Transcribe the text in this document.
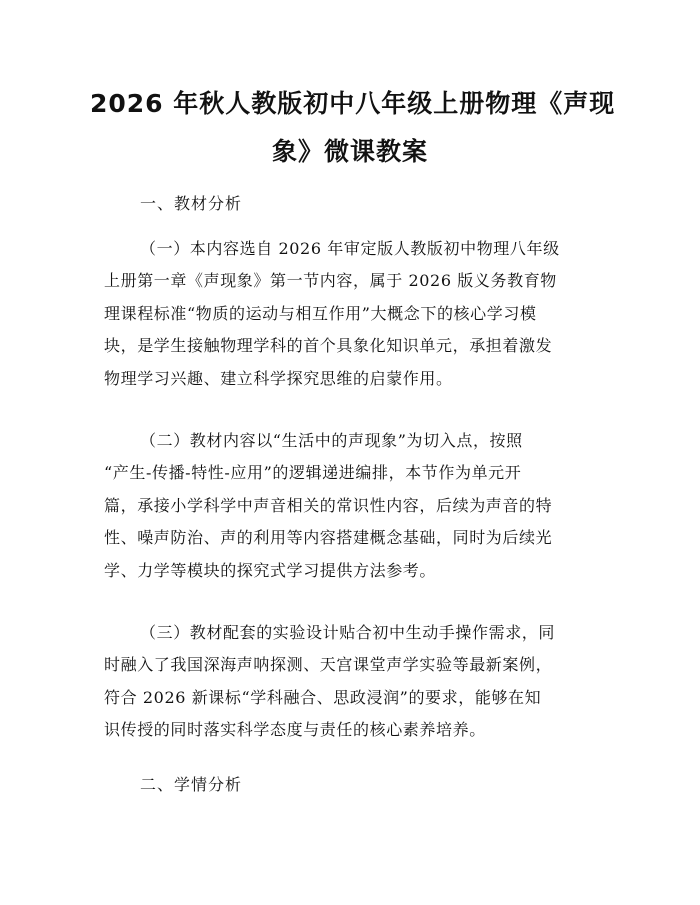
2026 年秋人教版初中八年级上册物理《声现
象》微课教案
一、教材分析
（一）本内容选自 2026 年审定版人教版初中物理八年级
上册第一章《声现象》第一节内容，属于 2026 版义务教育物
理课程标准“物质的运动与相互作用”大概念下的核心学习模
块，是学生接触物理学科的首个具象化知识单元，承担着激发
物理学习兴趣、建立科学探究思维的启蒙作用。
（二）教材内容以“生活中的声现象”为切入点，按照
“产生-传播-特性-应用”的逻辑递进编排，本节作为单元开
篇，承接小学科学中声音相关的常识性内容，后续为声音的特
性、噪声防治、声的利用等内容搭建概念基础，同时为后续光
学、力学等模块的探究式学习提供方法参考。
（三）教材配套的实验设计贴合初中生动手操作需求，同
时融入了我国深海声呐探测、天宫课堂声学实验等最新案例，
符合 2026 新课标“学科融合、思政浸润”的要求，能够在知
识传授的同时落实科学态度与责任的核心素养培养。
二、学情分析
